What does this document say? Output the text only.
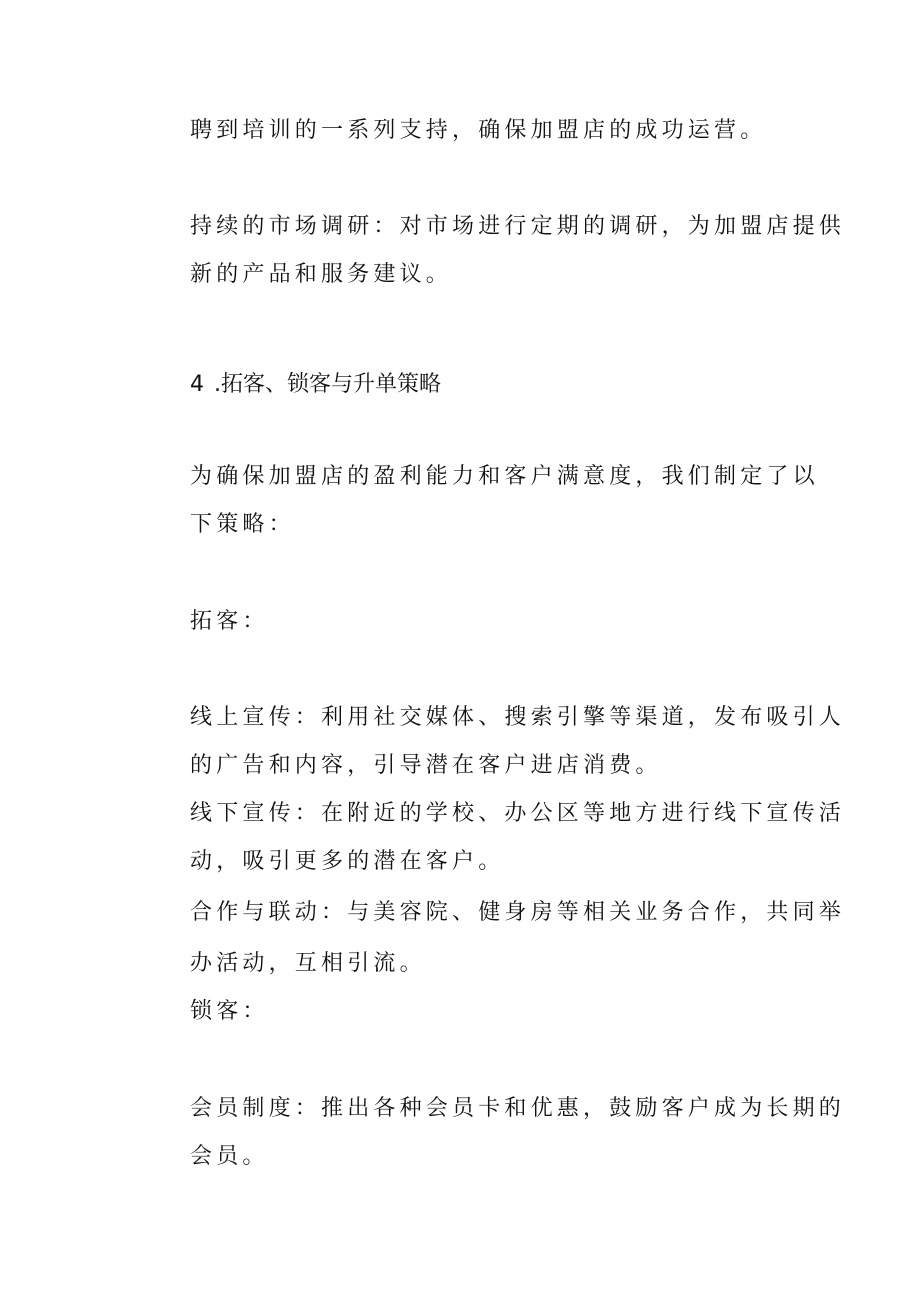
聘到培训的一系列支持，确保加盟店的成功运营。
持续的市场调研：对市场进行定期的调研，为加盟店提供
新的产品和服务建议。
4 .拓客、锁客与升单策略
为确保加盟店的盈利能力和客户满意度，我们制定了以
下策略：
拓客：
线上宣传：利用社交媒体、搜索引擎等渠道，发布吸引人
的广告和内容，引导潜在客户进店消费。
线下宣传：在附近的学校、办公区等地方进行线下宣传活
动，吸引更多的潜在客户。
合作与联动：与美容院、健身房等相关业务合作，共同举
办活动，互相引流。
锁客：
会员制度：推出各种会员卡和优惠，鼓励客户成为长期的
会员。
